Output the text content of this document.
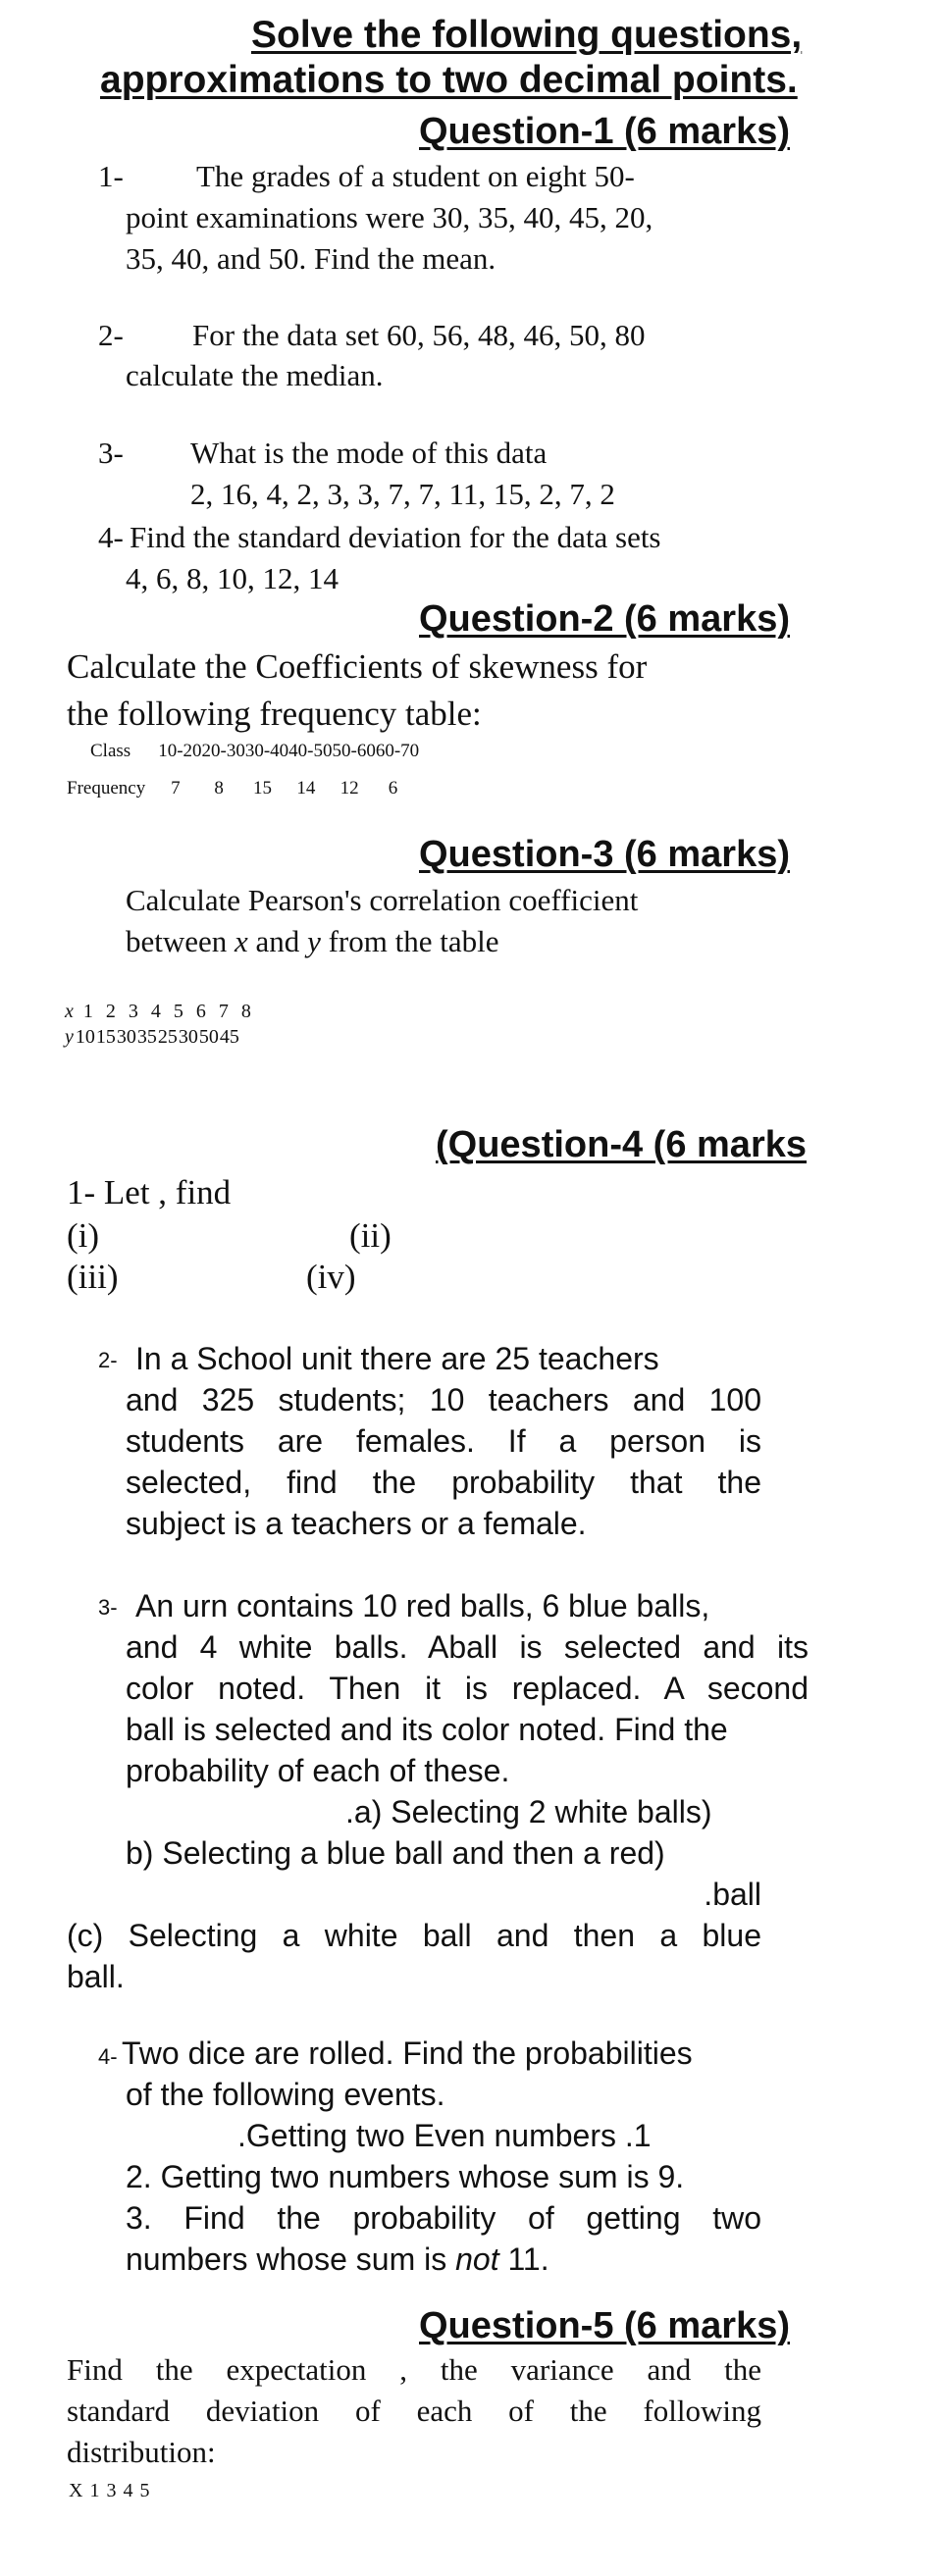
Solve the following questions,
approximations to two decimal points.
Question-1 (6 marks)
1- The grades of a student on eight 50-
point examinations were 30, 35, 40, 45, 20,
35, 40, and 50. Find the mean.
2- For the data set 60, 56, 48, 46, 50, 80
calculate the median.
3- What is the mode of this data
2, 16, 4, 2, 3, 3, 7, 7, 11, 15, 2, 7, 2
4- Find the standard deviation for the data sets
4, 6, 8, 10, 12, 14
Question-2 (6 marks)
Calculate the Coefficients of skewness for
the following frequency table:
Class	10-20	20-30	30-40	40-50	50-60	60-70
Frequency	7	8	15	14	12	6
Question-3 (6 marks)
Calculate Pearson's correlation coefficient
between x and y from the table
x	1	2	3	4	5	6	7	8
y	10	15	30	35	25	30	50	45
(Question-4 (6 marks
1- Let , find
(i)	(ii)
(iii)	(iv)
2- In a School unit there are 25 teachers
and 325 students; 10 teachers and 100
students are females. If a person is
selected, find the probability that the
subject is a teachers or a female.
3- An urn contains 10 red balls, 6 blue balls,
and 4 white balls. Aball is selected and its
color noted. Then it is replaced. A second
ball is selected and its color noted. Find the
probability of each of these.
.a) Selecting 2 white balls)
b) Selecting a blue ball and then a red)
.ball
(c) Selecting a white ball and then a blue
ball.
4- Two dice are rolled. Find the probabilities
of the following events.
.Getting two Even numbers .1
2. Getting two numbers whose sum is 9.
3. Find the probability of getting two
numbers whose sum is not 11.
Question-5 (6 marks)
Find the expectation , the variance and the
standard deviation of each of the following
distribution:
X 1 3 4 5
